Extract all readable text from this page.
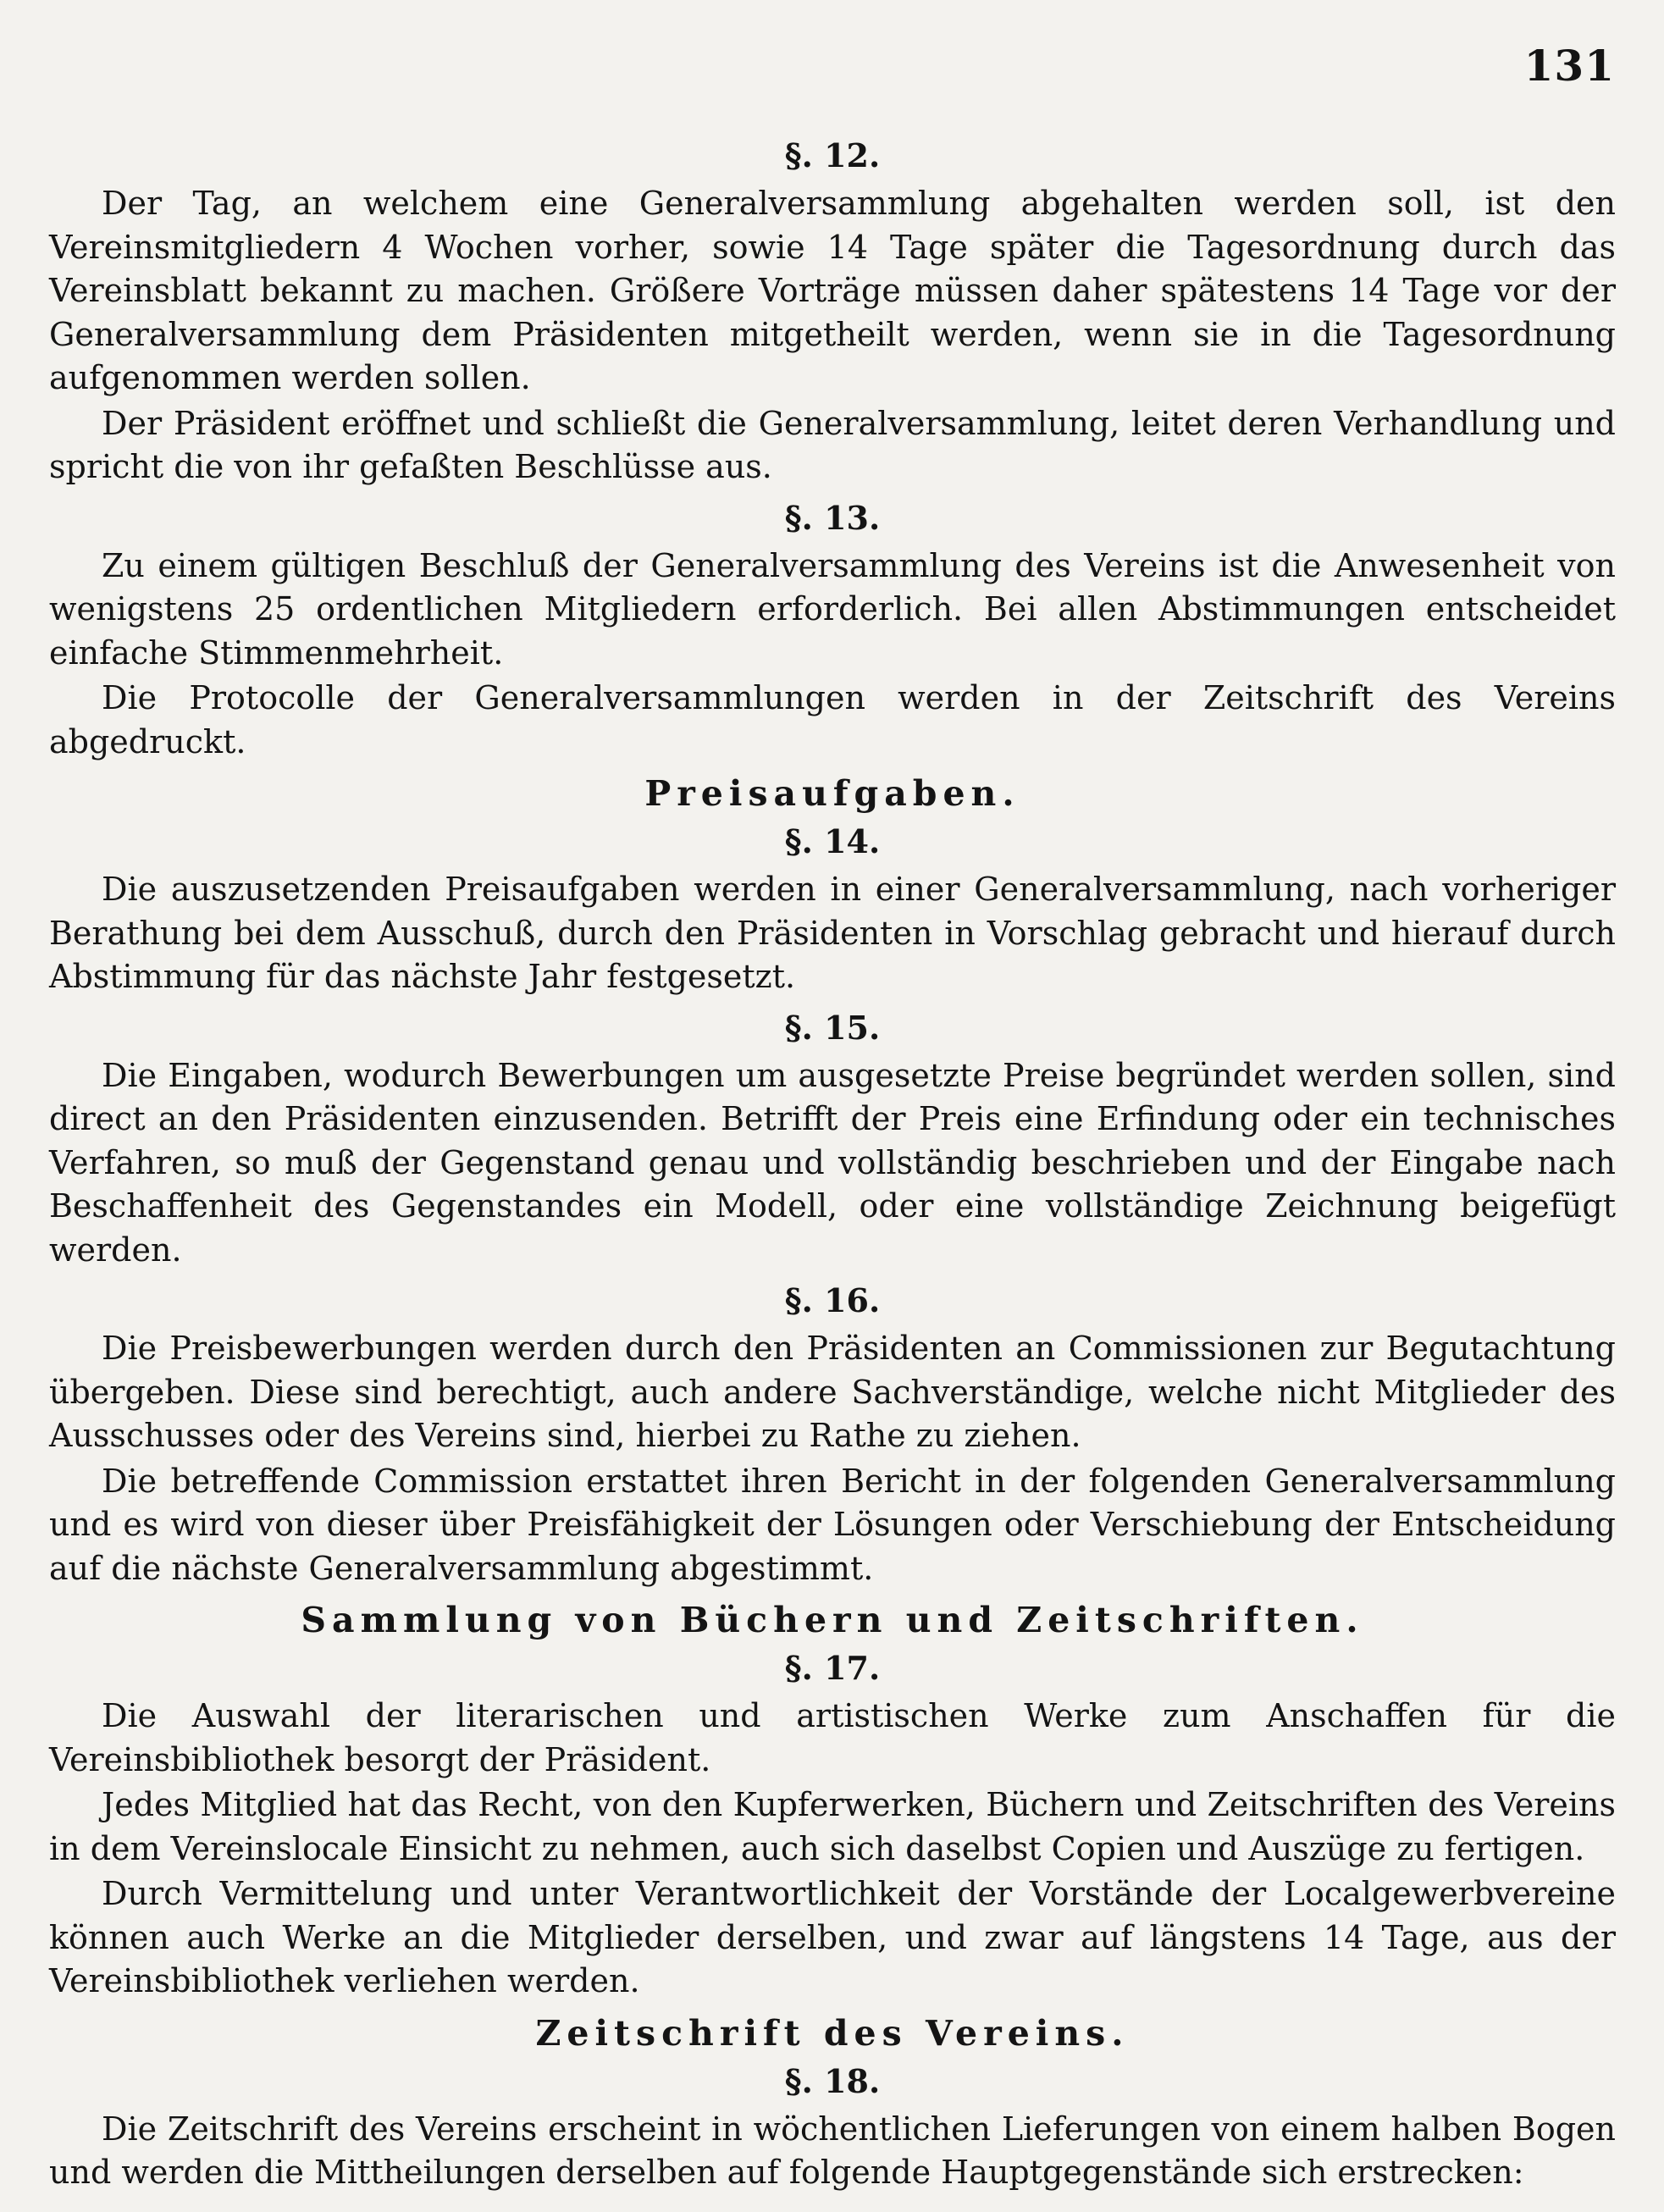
131
§. 12.

Der Tag, an welchem eine Generalversammlung abgehalten werden soll, ist den Vereinsmitgliedern 4 Wochen vorher, sowie 14 Tage später die Tagesordnung durch das Vereinsblatt bekannt zu machen. Größere Vorträge müssen daher spätestens 14 Tage vor der Generalversammlung dem Präsidenten mitgetheilt werden, wenn sie in die Tagesordnung aufgenommen werden sollen.

Der Präsident eröffnet und schließt die Generalversammlung, leitet deren Verhandlung und spricht die von ihr gefaßten Beschlüsse aus.

§. 13.

Zu einem gültigen Beschluß der Generalversammlung des Vereins ist die Anwesenheit von wenigstens 25 ordentlichen Mitgliedern erforderlich. Bei allen Abstimmungen entscheidet einfache Stimmenmehrheit.

Die Protocolle der Generalversammlungen werden in der Zeitschrift des Vereins abgedruckt.

Preisaufgaben.
§. 14.

Die auszusetzenden Preisaufgaben werden in einer Generalversammlung, nach vorheriger Berathung bei dem Ausschuß, durch den Präsidenten in Vorschlag gebracht und hierauf durch Abstimmung für das nächste Jahr festgesetzt.

§. 15.

Die Eingaben, wodurch Bewerbungen um ausgesetzte Preise begründet werden sollen, sind direct an den Präsidenten einzusenden. Betrifft der Preis eine Erfindung oder ein technisches Verfahren, so muß der Gegenstand genau und vollständig beschrieben und der Eingabe nach Beschaffenheit des Gegenstandes ein Modell, oder eine vollständige Zeichnung beigefügt werden.

§. 16.

Die Preisbewerbungen werden durch den Präsidenten an Commissionen zur Begutachtung übergeben. Diese sind berechtigt, auch andere Sachverständige, welche nicht Mitglieder des Ausschusses oder des Vereins sind, hierbei zu Rathe zu ziehen.

Die betreffende Commission erstattet ihren Bericht in der folgenden Generalversammlung und es wird von dieser über Preisfähigkeit der Lösungen oder Verschiebung der Entscheidung auf die nächste Generalversammlung abgestimmt.

Sammlung von Büchern und Zeitschriften.
§. 17.

Die Auswahl der literarischen und artistischen Werke zum Anschaffen für die Vereinsbibliothek besorgt der Präsident.

Jedes Mitglied hat das Recht, von den Kupferwerken, Büchern und Zeitschriften des Vereins in dem Vereinslocale Einsicht zu nehmen, auch sich daselbst Copien und Auszüge zu fertigen.

Durch Vermittelung und unter Verantwortlichkeit der Vorstände der Localgewerbvereine können auch Werke an die Mitglieder derselben, und zwar auf längstens 14 Tage, aus der Vereinsbibliothek verliehen werden.

Zeitschrift des Vereins.
§. 18.

Die Zeitschrift des Vereins erscheint in wöchentlichen Lieferungen von einem halben Bogen und werden die Mittheilungen derselben auf folgende Hauptgegenstände sich erstrecken:
